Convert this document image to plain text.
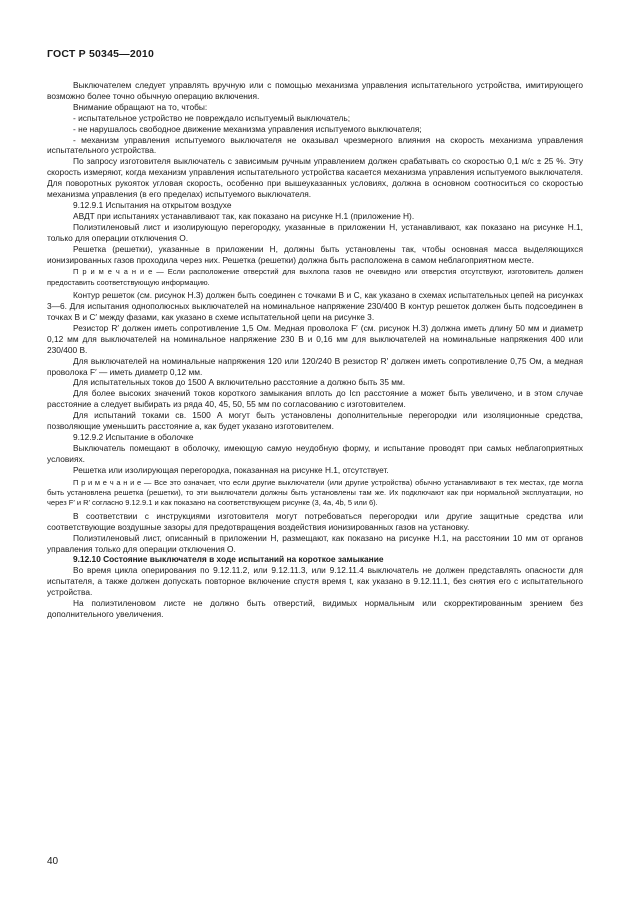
ГОСТ Р 50345—2010

Выключателем следует управлять вручную или с помощью механизма управления испытательного устройства, имитирующего возможно более точно обычную операцию включения.

Внимание обращают на то, чтобы:

- испытательное устройство не повреждало испытуемый выключатель;

- не нарушалось свободное движение механизма управления испытуемого выключателя;

- механизм управления испытуемого выключателя не оказывал чрезмерного влияния на скорость механизма управления испытательного устройства.

По запросу изготовителя выключатель с зависимым ручным управлением должен срабатывать со скоростью 0,1 м/с ± 25 %. Эту скорость измеряют, когда механизм управления испытательного устройства касается механизма управления испытуемого выключателя. Для поворотных рукояток угловая скорость, особенно при вышеуказанных условиях, должна в основном соотноситься со скоростью механизма управления (в его пределах) испытуемого выключателя.

9.12.9.1 Испытания на открытом воздухе

АВДТ при испытаниях устанавливают так, как показано на рисунке Н.1 (приложение Н).

Полиэтиленовый лист и изолирующую перегородку, указанные в приложении Н, устанавливают, как показано на рисунке Н.1, только для операции отключения O.

Решетка (решетки), указанные в приложении Н, должны быть установлены так, чтобы основная масса выделяющихся ионизированных газов проходила через них. Решетка (решетки) должна быть расположена в самом неблагоприятном месте.

П р и м е ч а н и е — Если расположение отверстий для выхлопа газов не очевидно или отверстия отсутствуют, изготовитель должен предоставить соответствующую информацию.

Контур решеток (см. рисунок Н.3) должен быть соединен с точками B и C, как указано в схемах испытательных цепей на рисунках 3—6. Для испытания однополюсных выключателей на номинальное напряжение 230/400 В контур решеток должен быть подсоединен в точках B и C′ между фазами, как указано в схеме испытательной цепи на рисунке 3.

Резистор R′ должен иметь сопротивление 1,5 Ом. Медная проволока F′ (см. рисунок Н.3) должна иметь длину 50 мм и диаметр 0,12 мм для выключателей на номинальное напряжение 230 В и 0,16 мм для выключателей на номинальные напряжения 400 или 230/400 В.

Для выключателей на номинальные напряжения 120 или 120/240 В резистор R′ должен иметь сопротивление 0,75 Ом, а медная проволока F′ — иметь диаметр 0,12 мм.

Для испытательных токов до 1500 А включительно расстояние a должно быть 35 мм.

Для более высоких значений токов короткого замыкания вплоть до Icn расстояние a может быть увеличено, и в этом случае расстояние a следует выбирать из ряда 40, 45, 50, 55 мм по согласованию с изготовителем.

Для испытаний токами св. 1500 А могут быть установлены дополнительные перегородки или изоляционные средства, позволяющие уменьшить расстояние a, как будет указано изготовителем.

9.12.9.2 Испытание в оболочке

Выключатель помещают в оболочку, имеющую самую неудобную форму, и испытание проводят при самых неблагоприятных условиях.

Решетка или изолирующая перегородка, показанная на рисунке Н.1, отсутствует.

П р и м е ч а н и е — Все это означает, что если другие выключатели (или другие устройства) обычно устанавливают в тех местах, где могла быть установлена решетка (решетки), то эти выключатели должны быть установлены там же. Их подключают как при нормальной эксплуатации, но через F′ и R′ согласно 9.12.9.1 и как показано на соответствующем рисунке (3, 4а, 4b, 5 или 6).

В соответствии с инструкциями изготовителя могут потребоваться перегородки или другие защитные средства или соответствующие воздушные зазоры для предотвращения воздействия ионизированных газов на установку.

Полиэтиленовый лист, описанный в приложении Н, размещают, как показано на рисунке Н.1, на расстоянии 10 мм от органов управления только для операции отключения O.

9.12.10 Состояние выключателя в ходе испытаний на короткое замыкание

Во время цикла оперирования по 9.12.11.2, или 9.12.11.3, или 9.12.11.4 выключатель не должен представлять опасности для испытателя, а также должен допускать повторное включение спустя время t, как указано в 9.12.11.1, без снятия его с испытательного устройства.

На полиэтиленовом листе не должно быть отверстий, видимых нормальным или скорректированным зрением без дополнительного увеличения.

40
